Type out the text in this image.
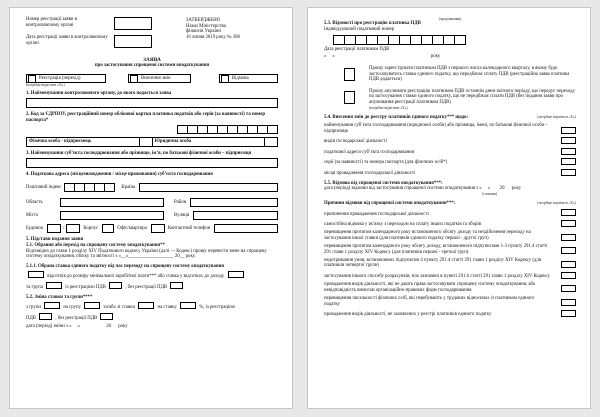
Номер реєстрації заяви в контролюючому органі
Дата реєстрації заяви в контролюючому органі
ЗАТВЕРДЖЕНО
Наказ Міністерства
фінансів України
16 липня 2019 року № 308
ЗАЯВА
про застосування спрощеної системи оподаткування
Реєстрація (перехід)	Внесення змін	Відмова
(потрібне відмітити «Х»)
1. Найменування контролюючого органу, до якого подається заява
2. Код за ЄДРПОУ, реєстраційний номер облікової картки платника податків або серія (за наявності) та номер паспорта*
Фізична особа - підприємець	Юридична особа
3. Найменування суб’єкта господарювання або прізвище, ім’я, по батькові фізичної особи – підприємця
4. Податкова адреса (місцезнаходження / місце проживання) суб’єкта господарювання
Поштовий індекс	Країна
Область	Район
Місто	Вулиця
Будинок	/	Корпус	Офіс/квартира	Контактний телефон
5. Підстави подання заяви
5.1. Обрання або перехід на спрощену систему оподаткування**
Відповідно до глави 1 розділу XIV Податкового кодексу України (далі — Кодекс) прошу перевести мене на спрощену систему оподаткування, обліку та звітності з «__»___________________ 20__ року.
5.1.1. Обрана ставка єдиного податку під час переходу на спрощену систему оподаткування
відсотків до розміру мінімальної заробітної плати*** або ставка у відсотках до доходу
та група	із реєстрацією ПДВ	, без реєстрації ПДВ
5.2. Зміна ставки та групи****
з групи	на групу	та/або зі ставки	на ставку	%, із реєстрацією
ПДВ	, без реєстрації ПДВ
дата (період) зміни з «     »                      20      року
(продовження)
5.3. Відомості про реєстрацію платника ПДВ
Індивідуальний податковий номер
Дата реєстрації платником ПДВ
«     »	року
Прошу зареєструвати платником ПДВ з першого числа календарного кварталу, в якому буде застосовуватись ставка єдиного податку, що передбачає сплату ПДВ (реєстраційна заява платника ПДВ додається)
Прошу анулювати реєстрацію платником ПДВ останнім днем звітного періоду, що передує переходу на застосування ставки єдиного податку, що не передбачає сплати ПДВ (без подання заяви про анулювання реєстрації платником ПДВ)
(потрібне відмітити «Х»)
5.4. Внесення змін до реєстру платників єдиного податку*** щодо:	(потрібне відмітити «Х»)
найменування суб’єкта господарювання (юридичної особи) або прізвища, імені, по батькові фізичної особи - підприємця
видів господарської діяльності
податкової адреси суб’єкта господарювання
серії (за наявності) та номера паспорта (для фізичних осіб*)
місця провадження господарської діяльності
5.5. Відмова від спрощеної системи оподаткування***:
дата (період) відмови від застосування спрощеної системи оподаткування з «     »        20      року
(словами)
Причини відмови від спрощеної системи оподаткування***:	(потрібне відмітити «Х»)
припинення провадження господарської діяльності
самостійна відмова у зв’язку з переходом на сплату інших податків та зборів
перевищення протягом календарного року встановленого обсягу доходу та нездійснення переходу на застосування іншої ставки (для платників єдиного податку першої - другої груп)
перевищення протягом календарного року обсягу доходу, встановленого підпунктами 1-3 пункту 291.4 статті 291 глави 1 розділу XIV Кодексу (для платників першої - третьої груп)
недотримання умов, встановлених підпунктом 4 пункту 291.4 статті 291 глави 1 розділу XIV Кодексу (для платників четвертої групи)
застосування іншого способу розрахунків, ніж зазначені в пункті 291.6 статті 291 глави 1 розділу XIV Кодексу
провадження видів діяльності, які не дають права застосовувати спрощену систему оподаткування, або невідповідність вимогам організаційно-правових форм господарювання
перевищення чисельності фізичних осіб, які перебувають у трудових відносинах із платником єдиного податку
провадження видів діяльності, не зазначених у реєстрі платників єдиного податку
